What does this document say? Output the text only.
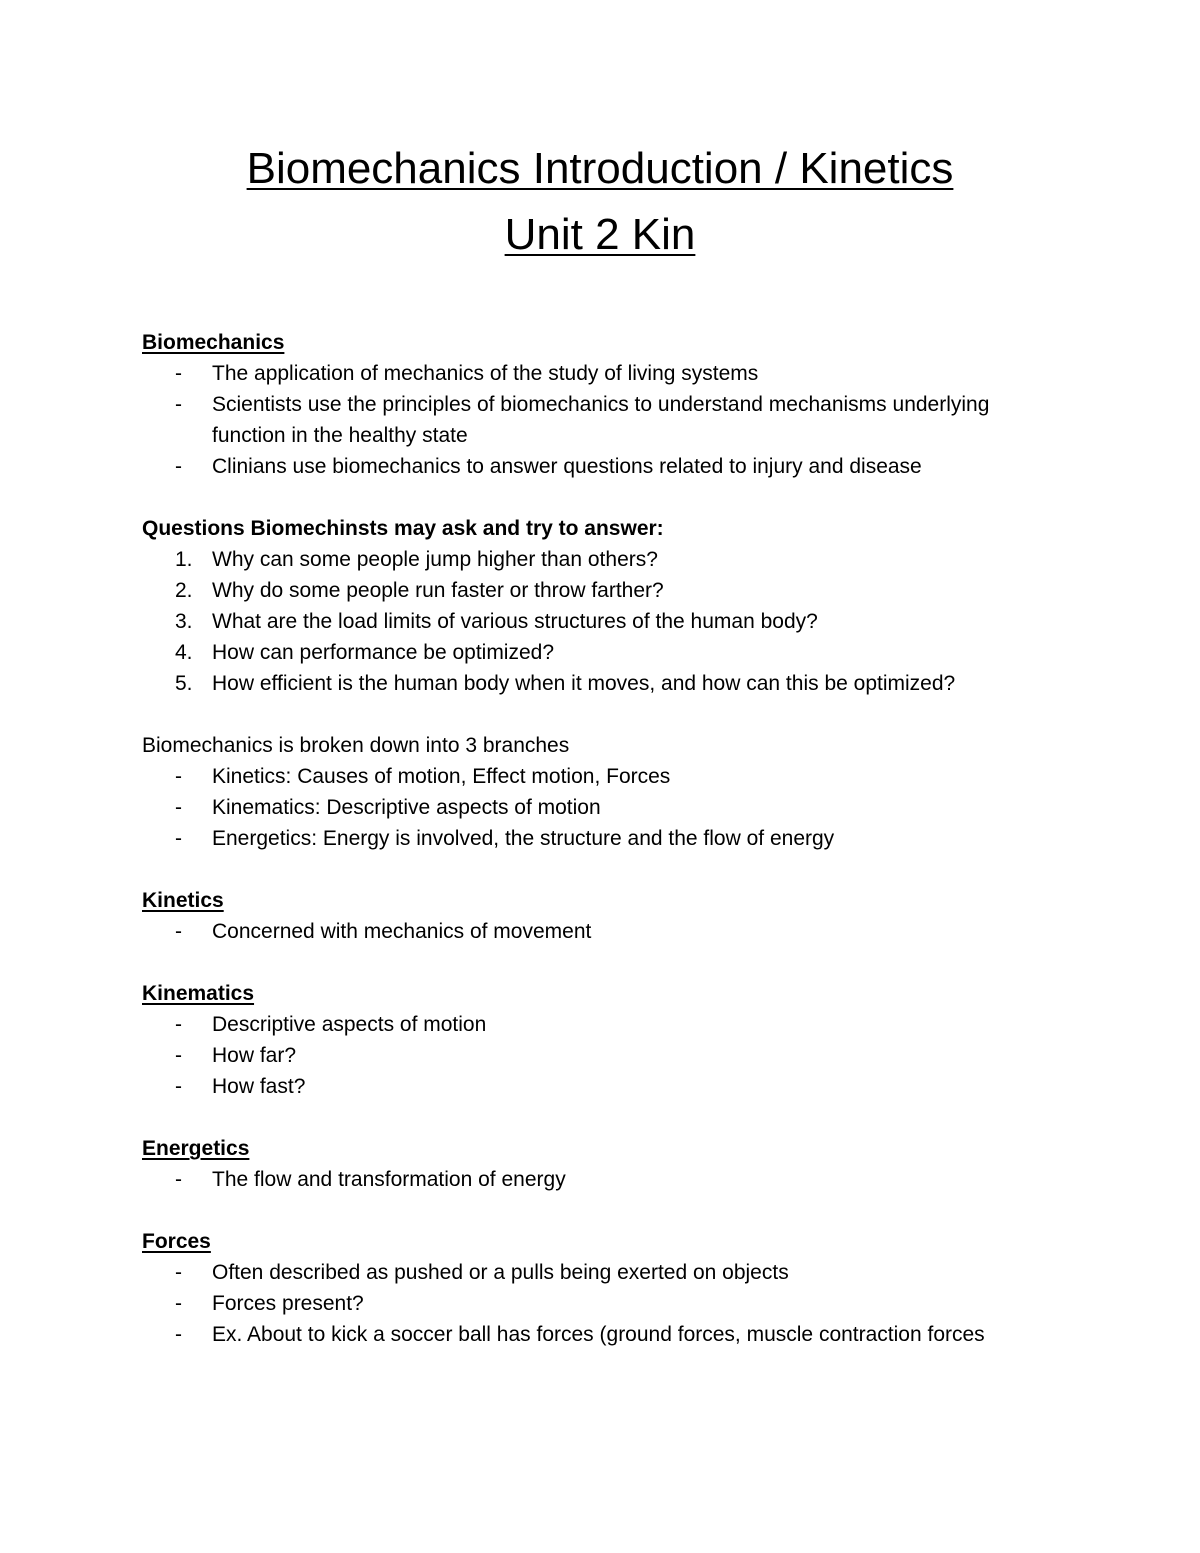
Biomechanics Introduction / Kinetics
Unit 2 Kin
Biomechanics
- The application of mechanics of the study of living systems
- Scientists use the principles of biomechanics to understand mechanisms underlying function in the healthy state
- Clinians use biomechanics to answer questions related to injury and disease
Questions Biomechinsts may ask and try to answer:
1. Why can some people jump higher than others?
2. Why do some people run faster or throw farther?
3. What are the load limits of various structures of the human body?
4. How can performance be optimized?
5. How efficient is the human body when it moves, and how can this be optimized?
Biomechanics is broken down into 3 branches
- Kinetics: Causes of motion, Effect motion, Forces
- Kinematics: Descriptive aspects of motion
- Energetics: Energy is involved, the structure and the flow of energy
Kinetics
- Concerned with mechanics of movement
Kinematics
- Descriptive aspects of motion
- How far?
- How fast?
Energetics
- The flow and transformation of energy
Forces
- Often described as pushed or a pulls being exerted on objects
- Forces present?
- Ex. About to kick a soccer ball has forces (ground forces, muscle contraction forces
